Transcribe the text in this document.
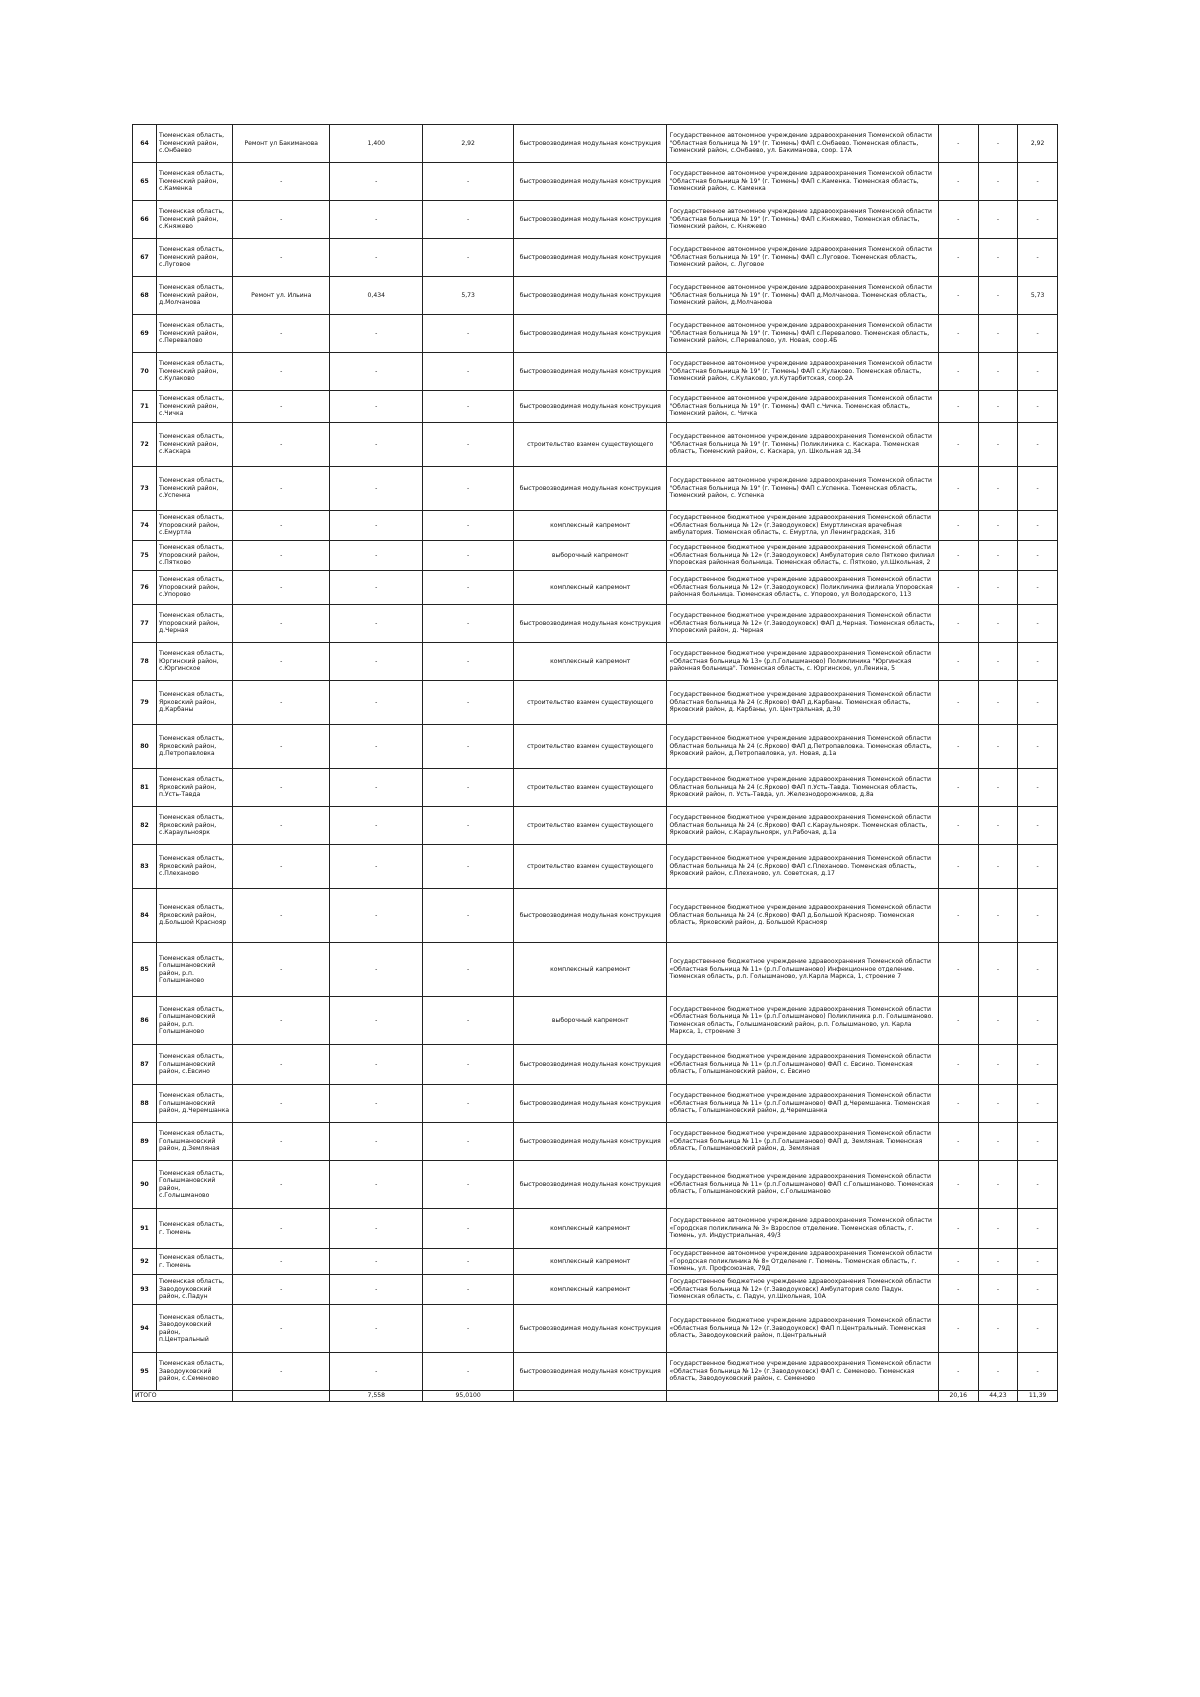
64	Тюменская область, Тюменский район, с.Онбаево	Ремонт ул Бакиманова	1,400	2,92	быстровозводимая модульная конструкция	Государственное автономное учреждение здравоохранения Тюменской области "Областная больница № 19" (г. Тюмень) ФАП с.Онбаево. Тюменская область, Тюменский район, с.Онбаево, ул. Бакиманова, соор. 17А	-	-	2,92
65	Тюменская область, Тюменский район, с.Каменка	-	-	-	быстровозводимая модульная конструкция	Государственное автономное учреждение здравоохранения Тюменской области "Областная больница № 19" (г. Тюмень) ФАП с.Каменка. Тюменская область, Тюменский район, с. Каменка	-	-	-
66	Тюменская область, Тюменский район, с.Княжево	-	-	-	быстровозводимая модульная конструкция	Государственное автономное учреждение здравоохранения Тюменской области "Областная больница № 19" (г. Тюмень) ФАП с.Княжево, Тюменская область, Тюменский район, с. Княжево	-	-	-
67	Тюменская область, Тюменский район, с.Луговое	-	-	-	быстровозводимая модульная конструкция	Государственное автономное учреждение здравоохранения Тюменской области "Областная больница № 19" (г. Тюмень) ФАП с.Луговое. Тюменская область, Тюменский район, с. Луговое	-	-	-
68	Тюменская область, Тюменский район, д.Молчанова	Ремонт ул. Ильина	0,434	5,73	быстровозводимая модульная конструкция	Государственное автономное учреждение здравоохранения Тюменской области "Областная больница № 19" (г. Тюмень) ФАП д.Молчанова. Тюменская область, Тюменский район, д.Молчанова	-	-	5,73
69	Тюменская область, Тюменский район, с.Перевалово	-	-	-	быстровозводимая модульная конструкция	Государственное автономное учреждение здравоохранения Тюменской области "Областная больница № 19" (г. Тюмень) ФАП с.Перевалово. Тюменская область, Тюменский район, с.Перевалово, ул. Новая, соор.4Б	-	-	-
70	Тюменская область, Тюменский район, с.Кулаково	-	-	-	быстровозводимая модульная конструкция	Государственное автономное учреждение здравоохранения Тюменской области "Областная больница № 19" (г. Тюмень) ФАП с.Кулаково. Тюменская область, Тюменский район, с.Кулаково, ул.Кутарбитская, соор.2А	-	-	-
71	Тюменская область, Тюменский район, с.Чичка	-	-	-	быстровозводимая модульная конструкция	Государственное автономное учреждение здравоохранения Тюменской области "Областная больница № 19" (г. Тюмень) ФАП с.Чичка. Тюменская область, Тюменский район, с. Чичка	-	-	-
72	Тюменская область, Тюменский район, с.Каскара	-	-	-	строительство взамен существующего	Государственное автономное учреждение здравоохранения Тюменской области "Областная больница № 19" (г. Тюмень) Поликлиника с. Каскара. Тюменская область, Тюменский район, с. Каскара, ул. Школьная зд.34	-	-	-
73	Тюменская область, Тюменский район, с.Успенка	-	-	-	быстровозводимая модульная конструкция	Государственное автономное учреждение здравоохранения Тюменской области "Областная больница № 19" (г. Тюмень) ФАП с.Успенка. Тюменская область, Тюменский район, с. Успенка	-	-	-
74	Тюменская область, Упоровский район, с.Емуртла	-	-	-	комплексный капремонт	Государственное бюджетное учреждение здравоохранения Тюменской области «Областная больница № 12» (г.Заводоуковск) Емуртлинская врачебная амбулатория. Тюменская область, с. Емуртла, ул Ленинградская, 31б	-	-	-
75	Тюменская область, Упоровский район, с.Пятково	-	-	-	выборочный капремонт	Государственное бюджетное учреждение здравоохранения Тюменской области «Областная больница № 12» (г.Заводоуковск) Амбулатория село Пятково филиал Упоровская районная больница. Тюменская область, с. Пятково, ул.Школьная, 2	-	-	-
76	Тюменская область, Упоровский район, с.Упорово	-	-	-	комплексный капремонт	Государственное бюджетное учреждение здравоохранения Тюменской области «Областная больница № 12» (г.Заводоуковск) Поликлиника филиала Упоровская районная больница. Тюменская область, с. Упорово, ул Володарского, 113	-	-	-
77	Тюменская область, Упоровский район, д.Черная	-	-	-	быстровозводимая модульная конструкция	Государственное бюджетное учреждение здравоохранения Тюменской области «Областная больница № 12» (г.Заводоуковск) ФАП д.Черная. Тюменская область, Упоровский район, д. Черная	-	-	-
78	Тюменская область, Юргинский район, с.Юргинское	-	-	-	комплексный капремонт	Государственное бюджетное учреждение здравоохранения Тюменской области «Областная больница № 13» (р.п.Голышманово) Поликлиника "Юргинская районная больница". Тюменская область, с. Юргинское, ул.Ленина, 5	-	-	-
79	Тюменская область, Ярковский район, д.Карбаны	-	-	-	строительство взамен существующего	Государственное бюджетное учреждение здравоохранения Тюменской области Областная больница № 24 (с.Ярково) ФАП д.Карбаны. Тюменская область, Ярковский район, д. Карбаны, ул. Центральная, д.30	-	-	-
80	Тюменская область, Ярковский район, д.Петропавловка	-	-	-	строительство взамен существующего	Государственное бюджетное учреждение здравоохранения Тюменской области Областная больница № 24 (с.Ярково) ФАП д.Петропавловка. Тюменская область, Ярковский район, д.Петропавловка, ул. Новая, д.1а	-	-	-
81	Тюменская область, Ярковский район, п.Усть-Тавда	-	-	-	строительство взамен существующего	Государственное бюджетное учреждение здравоохранения Тюменской области Областная больница № 24 (с.Ярково) ФАП п.Усть-Тавда. Тюменская область, Ярковский район, п. Усть-Тавда, ул. Железнодорожников, д.8а	-	-	-
82	Тюменская область, Ярковский район, с.Караульноярк	-	-	-	строительство взамен существующего	Государственное бюджетное учреждение здравоохранения Тюменской области Областная больница № 24 (с.Ярково) ФАП с.Караульноярк. Тюменская область, Ярковский район, с.Караульноярк, ул.Рабочая, д.1а	-	-	-
83	Тюменская область, Ярковский район, с.Плеханово	-	-	-	строительство взамен существующего	Государственное бюджетное учреждение здравоохранения Тюменской области Областная больница № 24 (с.Ярково) ФАП с.Плеханово. Тюменская область, Ярковский район, с.Плеханово, ул. Советская, д.17	-	-	-
84	Тюменская область, Ярковский район, д.Большой Краснояр	-	-	-	быстровозводимая модульная конструкция	Государственное бюджетное учреждение здравоохранения Тюменской области Областная больница № 24 (с.Ярково) ФАП д.Большой Краснояр. Тюменская область, Ярковский район, д. Большой Краснояр	-	-	-
85	Тюменская область, Голышмановский район, р.п. Голышманово	-	-	-	комплексный капремонт	Государственное бюджетное учреждение здравоохранения Тюменской области «Областная больница № 11» (р.п.Голышманово) Инфекционное отделение. Тюменская область, р.п. Голышманово, ул.Карла Маркса, 1, строение 7	-	-	-
86	Тюменская область, Голышмановский район, р.п. Голышманово	-	-	-	выборочный капремонт	Государственное бюджетное учреждение здравоохранения Тюменской области «Областная больница № 11» (р.п.Голышманово) Поликлиника р.п. Голышманово. Тюменская область, Голышмановский район, р.п. Голышманово, ул. Карла Маркса, 1, строение 3	-	-	-
87	Тюменская область, Голышмановский район, с.Евсино	-	-	-	быстровозводимая модульная конструкция	Государственное бюджетное учреждение здравоохранения Тюменской области «Областная больница № 11» (р.п.Голышманово) ФАП с. Евсино. Тюменская область, Голышмановский район, с. Евсино	-	-	-
88	Тюменская область, Голышмановский район, д.Черемшанка	-	-	-	быстровозводимая модульная конструкция	Государственное бюджетное учреждение здравоохранения Тюменской области «Областная больница № 11» (р.п.Голышманово) ФАП д.Черемшанка. Тюменская область, Голышмановский район, д.Черемшанка	-	-	-
89	Тюменская область, Голышмановский район, д.Земляная	-	-	-	быстровозводимая модульная конструкция	Государственное бюджетное учреждение здравоохранения Тюменской области «Областная больница № 11» (р.п.Голышманово) ФАП д. Земляная. Тюменская область, Голышмановский район, д. Земляная	-	-	-
90	Тюменская область, Голышмановский район, с.Голышманово	-	-	-	быстровозводимая модульная конструкция	Государственное бюджетное учреждение здравоохранения Тюменской области «Областная больница № 11» (р.п.Голышманово) ФАП с.Голышманово. Тюменская область, Голышмановский район, с.Голышманово	-	-	-
91	Тюменская область, г. Тюмень	-	-	-	комплексный капремонт	Государственное автономное учреждение здравоохранения Тюменской области «Городская поликлиника № 3» Взрослое отделение. Тюменская область, г. Тюмень, ул. Индустриальная, 49/3	-	-	-
92	Тюменская область, г. Тюмень	-	-	-	комплексный капремонт	Государственное автономное учреждение здравоохранения Тюменской области «Городская поликлиника № 8» Отделение г. Тюмень. Тюменская область, г. Тюмень, ул. Профсоюзная, 79Д	-	-	-
93	Тюменская область, Заводоуковский район, с.Падун	-	-	-	комплексный капремонт	Государственное бюджетное учреждение здравоохранения Тюменской области «Областная больница № 12» (г.Заводоуковск) Амбулатория село Падун. Тюменская область, с. Падун, ул.Школьная, 10А	-	-	-
94	Тюменская область, Заводоуковский район, п.Центральный	-	-	-	быстровозводимая модульная конструкция	Государственное бюджетное учреждение здравоохранения Тюменской области «Областная больница № 12» (г.Заводоуковск) ФАП п.Центральный. Тюменская область, Заводоуковский район, п.Центральный	-	-	-
95	Тюменская область, Заводоуковский район, с.Семеново	-	-	-	быстровозводимая модульная конструкция	Государственное бюджетное учреждение здравоохранения Тюменской области «Областная больница № 12» (г.Заводоуковск) ФАП с. Семеново. Тюменская область, Заводоуковский район, с. Семеново	-	-	-
ИТОГО			7,558	95,0100			20,16	44,23	11,39
